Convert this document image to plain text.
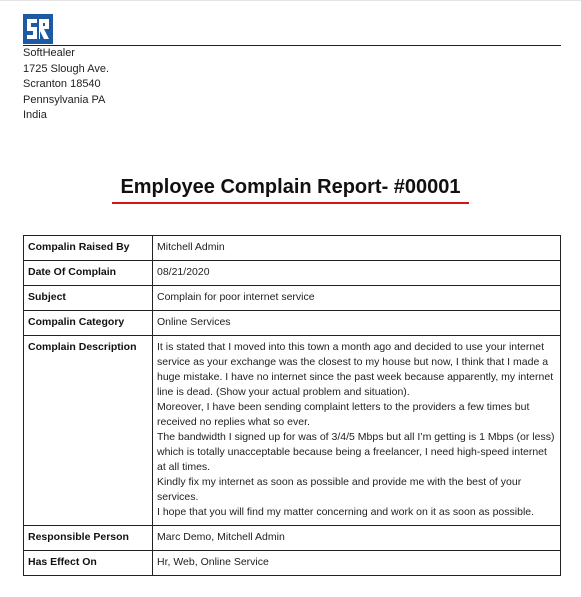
SoftHealer
1725 Slough Ave.
Scranton 18540
Pennsylvania PA
India
Employee Complain Report- #00001
Compalin Raised By	Mitchell Admin
Date Of Complain	08/21/2020
Subject	Complain for poor internet service
Compalin Category	Online Services
Complain Description	It is stated that I moved into this town a month ago and decided to use your internet service as your exchange was the closest to my house but now, I think that I made a huge mistake. I have no internet since the past week because apparently, my internet line is dead. (Show your actual problem and situation).
Moreover, I have been sending complaint letters to the providers a few times but received no replies what so ever.
The bandwidth I signed up for was of 3/4/5 Mbps but all I’m getting is 1 Mbps (or less) which is totally unacceptable because being a freelancer, I need high-speed internet at all times.
Kindly fix my internet as soon as possible and provide me with the best of your services.
I hope that you will find my matter concerning and work on it as soon as possible.

Responsible Person	Marc Demo, Mitchell Admin
Has Effect On	Hr, Web, Online Service
